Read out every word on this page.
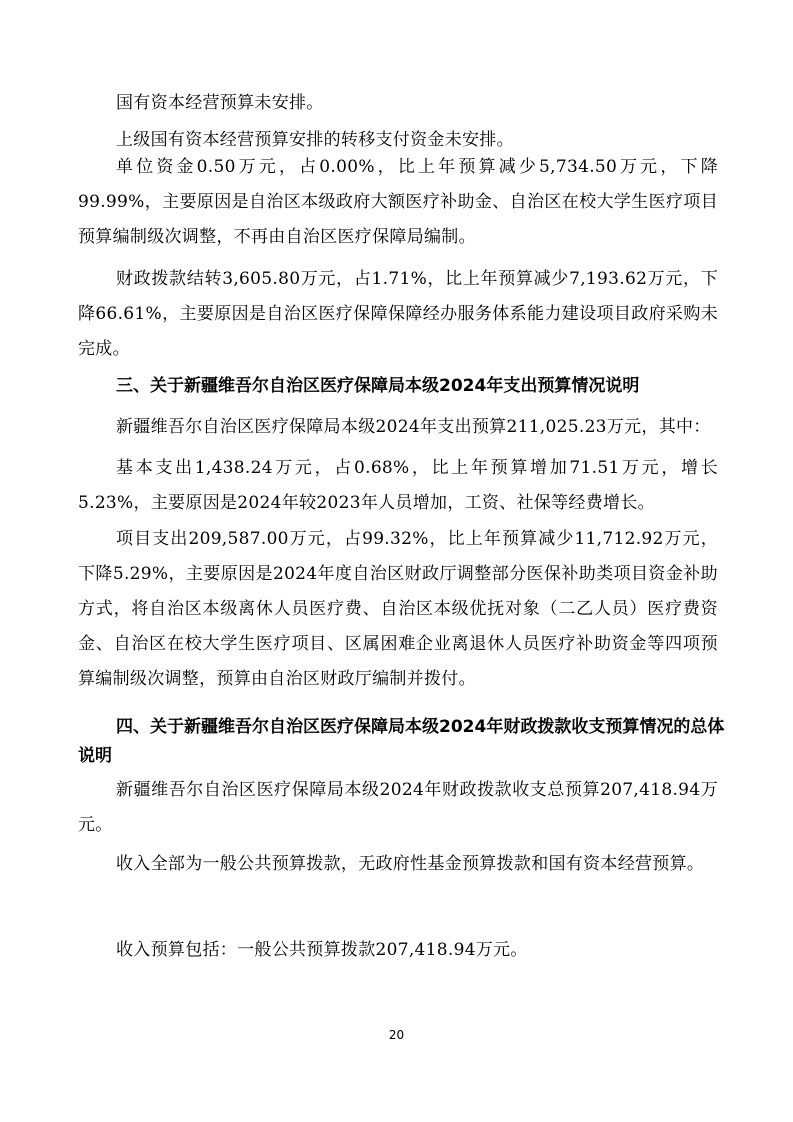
国有资本经营预算未安排。

上级国有资本经营预算安排的转移支付资金未安排。

单位资金0.50万元，占0.00%，比上年预算减少5,734.50万元，下降99.99%，主要原因是自治区本级政府大额医疗补助金、自治区在校大学生医疗项目预算编制级次调整，不再由自治区医疗保障局编制。

财政拨款结转3,605.80万元，占1.71%，比上年预算减少7,193.62万元，下降66.61%，主要原因是自治区医疗保障保障经办服务体系能力建设项目政府采购未完成。

三、关于新疆维吾尔自治区医疗保障局本级2024年支出预算情况说明

新疆维吾尔自治区医疗保障局本级2024年支出预算211,025.23万元，其中：

基本支出1,438.24万元，占0.68%，比上年预算增加71.51万元，增长5.23%，主要原因是2024年较2023年人员增加，工资、社保等经费增长。

项目支出209,587.00万元，占99.32%，比上年预算减少11,712.92万元，下降5.29%，主要原因是2024年度自治区财政厅调整部分医保补助类项目资金补助方式，将自治区本级离休人员医疗费、自治区本级优抚对象（二乙人员）医疗费资金、自治区在校大学生医疗项目、区属困难企业离退休人员医疗补助资金等四项预算编制级次调整，预算由自治区财政厅编制并拨付。

四、关于新疆维吾尔自治区医疗保障局本级2024年财政拨款收支预算情况的总体说明

新疆维吾尔自治区医疗保障局本级2024年财政拨款收支总预算207,418.94万元。

收入全部为一般公共预算拨款，无政府性基金预算拨款和国有资本经营预算。

收入预算包括：一般公共预算拨款207,418.94万元。

20
